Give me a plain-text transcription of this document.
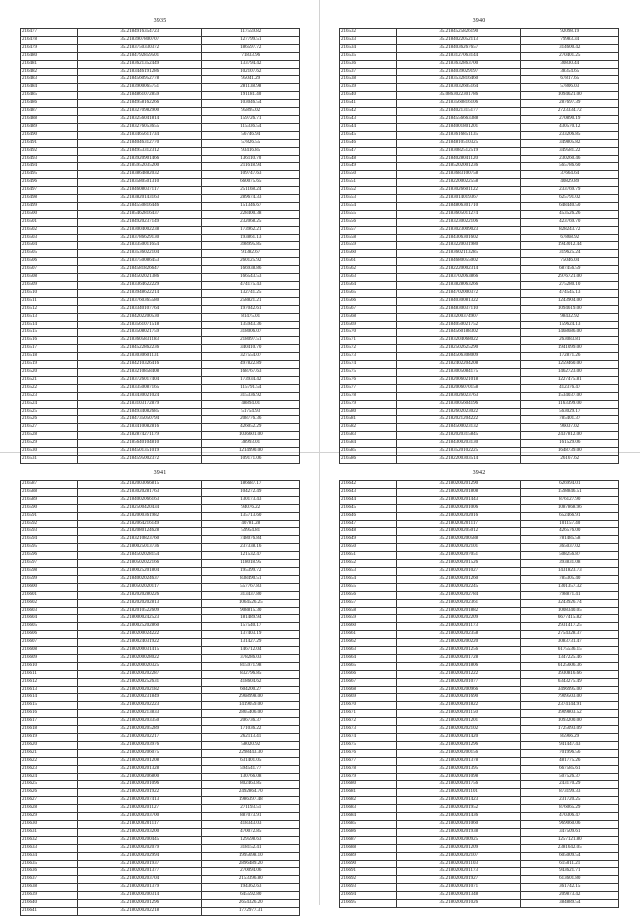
3935
216477	35.2184916354723	117559.82
216478	35.2183907800707	127799.51
216479	35.2183750330372	186597.72
216480	35.2184792859501	71833.96
216481	35.2183621352449	133794.42
216482	35.2183446191286	102107.62
216483	35.2184560952778	95041.29
216484	35.2183900065751	281138.98
216485	35.2184861072859	191181.40
216486	35.2184958162266	103046.54
216487	35.2183270982900	95895.02
216488	35.2183256041814	159726.71
216489	35.2183276053655	115336.54
216490	35.2183465611734	56746.94
216491	35.2184046312770	57826.55
216492	35.2184953312312	93416.85
216493	35.2183920901466	136110.70
216494	35.2185952035200	211618.94
216495	35.2183864882032	109747.63
216496	35.2183580501310	660075.65
216497	35.2184608037117	251168.24
216498	35.2183820143163	289674.33
216499	35.2184550816446	151346.67
216500	35.2185462816437	228400.38
216501	35.2184920237149	232068.25
216502	35.2183004002238	173962.21
216503	35.2183786629130	193861.13
216504	35.2183350011654	398995.85
216505	35.2183536022104	91382.67
216506	35.2183750086453	260125.92
216507	35.2184581826647	166938.86
216508	35.2184502021386	166543.53
216509	35.2183364622229	474175.43
216510	35.2183948622214	132741.25
216511	35.2183760365580	258821.21
216512	35.2183340107764	197042.61
216513	35.2184202200530	81475.01
216514	35.2183561071518	135943.36
216515	35.2183508021759	318006.07
216516	35.2183605831183	218097.51
216517	35.2184522862236	340410.70
216518	35.2183030601131	327554.07
216519	35.2184210326416	497822.89
216520	35.2183210858408	168767.63
216521	35.2183726017404	173934.42
216522	35.2183350087165	115791.54
216523	35.2183430021024	315336.92
216524	35.2183103172879	48894.01
216525	35.2184934082685	51754.93
216526	35.2184735050794	208776.36
216527	35.2183410082816	426052.29
216528	35.2182874271179	1036601.00
216529	35.2185640104810	38993.01
216530	35.2184501351019	1214990.00
216531	35.2184595002372	109171.06
3940
216532	35.2184525826190	92098.19
216533	35.2184022052113	79983.34
216534	35.2184036267657	314600.42
216535	35.2183127063144	270401.25
216536	35.2183632863700	30830.44
216537	35.2184039029197	38354.65
216538	35.2183532816460	67817.65
216539	35.2183032605164	57806.03
216540	35.0863022301786	1094621.00
216541	35.2183560816106	287697.39
216542	35.2184021315177	2723334.72
216543	35.2184556663388	270890.19
216544	35.2184001801201	430570.12
216545	35.2183616851135	233206.85
216546	35.2184810510325	349805.82
216547	35.2183082512519	349581.22
216548	35.2184028041120	230260.46
216549	35.2185202001236	565786.60
216550	35.2183683100758	37664.64
216551	35.2182200022558	40829.89
216552	35.2183026601122	233769.79
216553	35.2183014019367	625791.02
216554	35.2184806301710	648440.50
216555	35.2183605011274	453526.26
216556	35.2183230022106	423769.70
216557	35.2183023009023	828243.72
216558	35.2184306301602	67868.92
216559	35.2183220031980	1943012.44
216560	35.2183602113285	319625.24
216561	35.2184680055002	75046.04
216562	35.2182220002314	687456.59
216563	35.2183702063866	2976721.00
216564	35.2183828063266	275280.10
216565	35.2184702000372	474545.13
216566	35.2184030081322	1243904.00
216567	35.2184830037110	1094619.00
216568	35.2183200374907	98432.92
216569	35.2184050021752	159624.13
216570	35.2184560188302	1468686.00
216571	35.2183204068022	263083.81
216572	35.2182502625290	1941099.00
216573	35.2184506308009	172871.26
216574	35.2182402204208	1259460.00
216575	35.2183005084175	1462723.00
216576	35.2182006021018	1227475.81
216577	35.2182006070158	412376.47
216578	35.2183026023763	1534037.00
216579	35.2183005604196	1163399.00
216580	35.2182602023022	563029.17
216581	35.2182021204222	785401.37
216582	35.2184500023132	96037.02
216583	35.2182020315845	2437812.00
216584	35.2184300203130	161529.06
216585	35.2183520102225	1648739.00
216586	35.2182200303514	26167.62
3941
216587	35.2182003066815	186687.17
216588	35.2183020281763	104272.49
216589	35.2184002066163	130173.43
216590	35.2182500420434	94076.22
216591	35.2182000361982	135713.60
216592	35.2182064216149	40781.28
216593	35.2182080124628	59954.81
216594	35.2183210823760	748076.84
216595	35.2180025013736	237338.16
216596	35.2184502028154	121532.47
216597	35.2180502022166	118018.95
216598	35.2180025201804	195399.72
216599	35.2184002024637	838490.51
216600	35.2180502020117	557767.83
216601	35.2182020280226	313437.80
216602	35.2182020202813	1064526.25
216603	35.2182010522609	908815.30
216604	35.2180000242523	181489.94
216605	35.2180025202860	157540.17
216606	35.2180200024222	137403.19
216607	35.2180024031922	131427.29
216608	35.2180200031415	146712.04
216609	35.2180200028022	378286.03
216610	35.2180200020325	815971.98
216611	35.2180200202287	832796.85
216612	35.2180200252631	418604.62
216613	35.2180200202182	604200.27
216614	35.2180200231849	2968998.00
216615	35.2180200202223	1419059.00
216616	35.2180200213833	2865406.00
216617	35.2180200203350	206736.37
216618	35.2180200205289	171036.22
216619	35.2180200202217	262113.41
216620	35.2180200203976	58020.92
216621	35.2180200206075	2298443.30
216622	35.2180200201208	631401.05
216623	35.2180200201328	594541.77
216624	35.2180200206800	130766.08
216625	35.2180200201096	802463.85
216626	35.2180200201922	2492864.70
216627	35.2180200207413	1986397.48
216628	35.2180200201127	271193.51
216629	35.2180200203700	887073.91
216630	35.2180200201117	418343.03
216631	35.2180200203200	470072.85
216632	35.2180200200445	129598.63
216633	35.2180200202079	318152.41
216634	35.2180200202994	1995698.10
216635	35.2180200201937	2896489.20
216636	35.2180200201377	270094.06
216637	35.2180200203704	2153396.80
216638	35.2180200201379	194362.63
216639	35.2180200200314	645592.80
216640	35.2180200201296	2654326.20
216641	35.2180200202218	1772977.31
3942
216642	35.2180200201290	626994.01
216643	35.2180200201808	1598846.51
216644	35.2180200201443	876127.90
216645	35.2180200201006	1087868.96
216646	35.2180200202016	652466.91
216647	35.2180200201117	101157.40
216648	35.2180200205012	426576.00
216649	35.2180200200588	781485.58
216650	35.2180200202101	365037.02
216651	35.2180200207051	508256.87
216652	35.2180200201526	393831.08
216653	35.2180200201027	1431823.73
216654	35.2180200201260	785305.40
216655	35.2180200202245	1301357.32
216656	35.2180200202784	798871.41
216657	35.2180200202361	3243926.74
216658	35.2180200201882	1008340.05
216659	35.2180200202209	6677415.82
216660	35.2180200201173	2931417.25
216661	35.2180200202358	2754328.37
216662	35.2180200200220	3083731.47
216663	35.2180200201256	6175536.15
216664	35.2180200201728	1347225.46
216665	35.2180200201806	6125606.36
216666	35.2180200201222	3930816.66
216667	35.2180200201077	6343275.49
216668	35.2180200200966	3496995.00
216669	35.2180200201690	7909503.00
216670	35.2180200201822	2374144.91
216671	35.2180200201150	3909803.52
216672	35.2180200201201	1093200.00
216673	35.2180200202102	1725093.09
216674	35.2180200201420	85966.29
216675	35.2180200201296	941447.43
216676	35.2180200200156	701996.56
216677	35.2180200201378	481775.26
216678	35.2180200201395	667585.61
216679	35.2180200201098	507526.37
216680	35.2180200201756	243170.29
216681	35.2180200201101	873199.33
216682	35.2180200201423	231720.25
216683	35.2180200201952	876065.29
216684	35.2180200201436	470306.47
216685	35.2180200201060	969060.06
216686	35.2180200201938	347509.61
216687	35.2180200200925	1257121.80
216688	35.2180200201209	2381642.05
216689	35.2180200202107	605009.54
216690	35.2180200201103	615011.21
216691	35.2180200201173	943621.71
216692	35.2180200201927	613601.80
216693	35.2180200201071	361742.15
216694	35.2180200201348	209873.42
216695	35.2180200201026	384889.54
